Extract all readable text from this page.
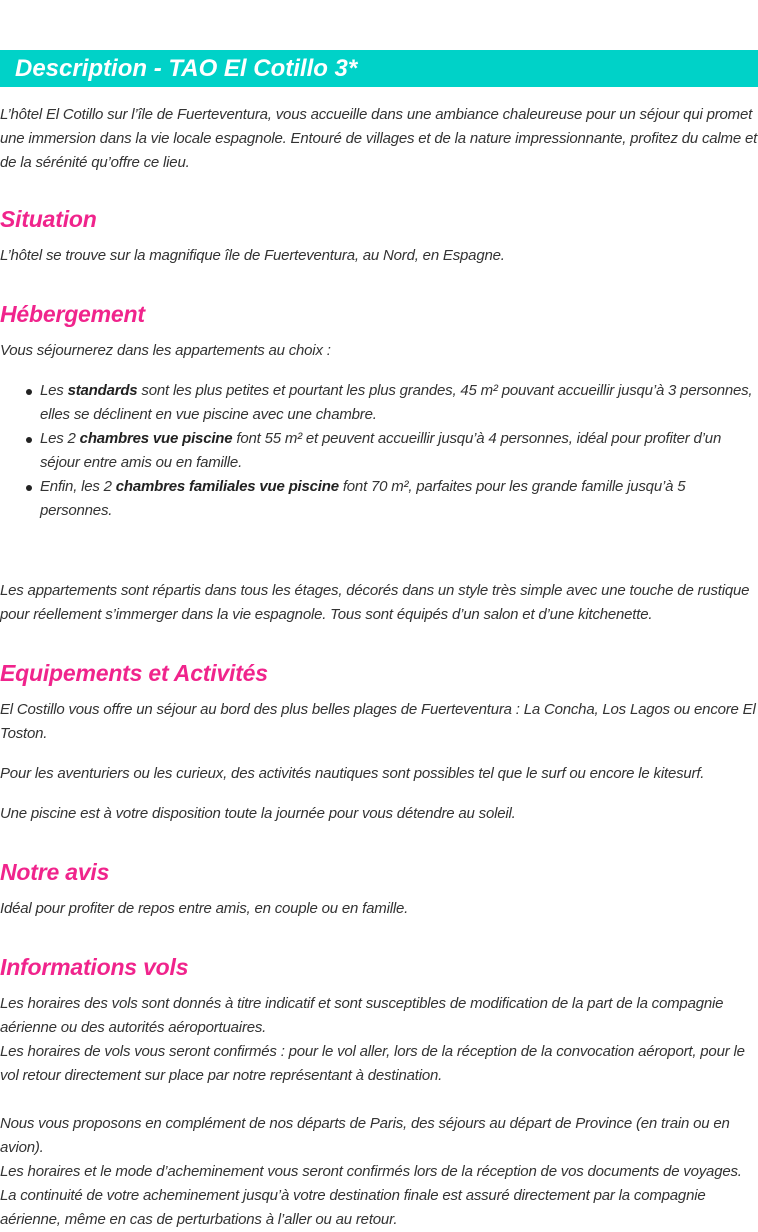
Description - TAO El Cotillo 3*

L’hôtel El Cotillo sur l’île de Fuerteventura, vous accueille dans une ambiance chaleureuse pour un séjour qui promet une immersion dans la vie locale espagnole. Entouré de villages et de la nature impressionnante, profitez du calme et de la sérénité qu’offre ce lieu.

Situation

L’hôtel se trouve sur la magnifique île de Fuerteventura, au Nord, en Espagne.

Hébergement

Vous séjournerez dans les appartements au choix :

Les standards sont les plus petites et pourtant les plus grandes, 45 m² pouvant accueillir jusqu’à 3 personnes, elles se déclinent en vue piscine avec une chambre.
Les 2 chambres vue piscine font 55 m² et peuvent accueillir jusqu’à 4 personnes, idéal pour profiter d’un séjour entre amis ou en famille.
Enfin, les 2 chambres familiales vue piscine font 70 m², parfaites pour les grande famille jusqu’à 5 personnes.

Les appartements sont répartis dans tous les étages, décorés dans un style très simple avec une touche de rustique pour réellement s’immerger dans la vie espagnole. Tous sont équipés d’un salon et d’une kitchenette.

Equipements et Activités

El Costillo vous offre un séjour au bord des plus belles plages de Fuerteventura : La Concha, Los Lagos ou encore El Toston.

Pour les aventuriers ou les curieux, des activités nautiques sont possibles tel que le surf ou encore le kitesurf.

Une piscine est à votre disposition toute la journée pour vous détendre au soleil.

Notre avis

Idéal pour profiter de repos entre amis, en couple ou en famille.

Informations vols

Les horaires des vols sont donnés à titre indicatif et sont susceptibles de modification de la part de la compagnie aérienne ou des autorités aéroportuaires.

Les horaires de vols vous seront confirmés : pour le vol aller, lors de la réception de la convocation aéroport, pour le vol retour directement sur place par notre représentant à destination.

Nous vous proposons en complément de nos départs de Paris, des séjours au départ de Province (en train ou en avion).

Les horaires et le mode d’acheminement vous seront confirmés lors de la réception de vos documents de voyages.

La continuité de votre acheminement jusqu’à votre destination finale est assuré directement par la compagnie aérienne, même en cas de perturbations à l’aller ou au retour.
